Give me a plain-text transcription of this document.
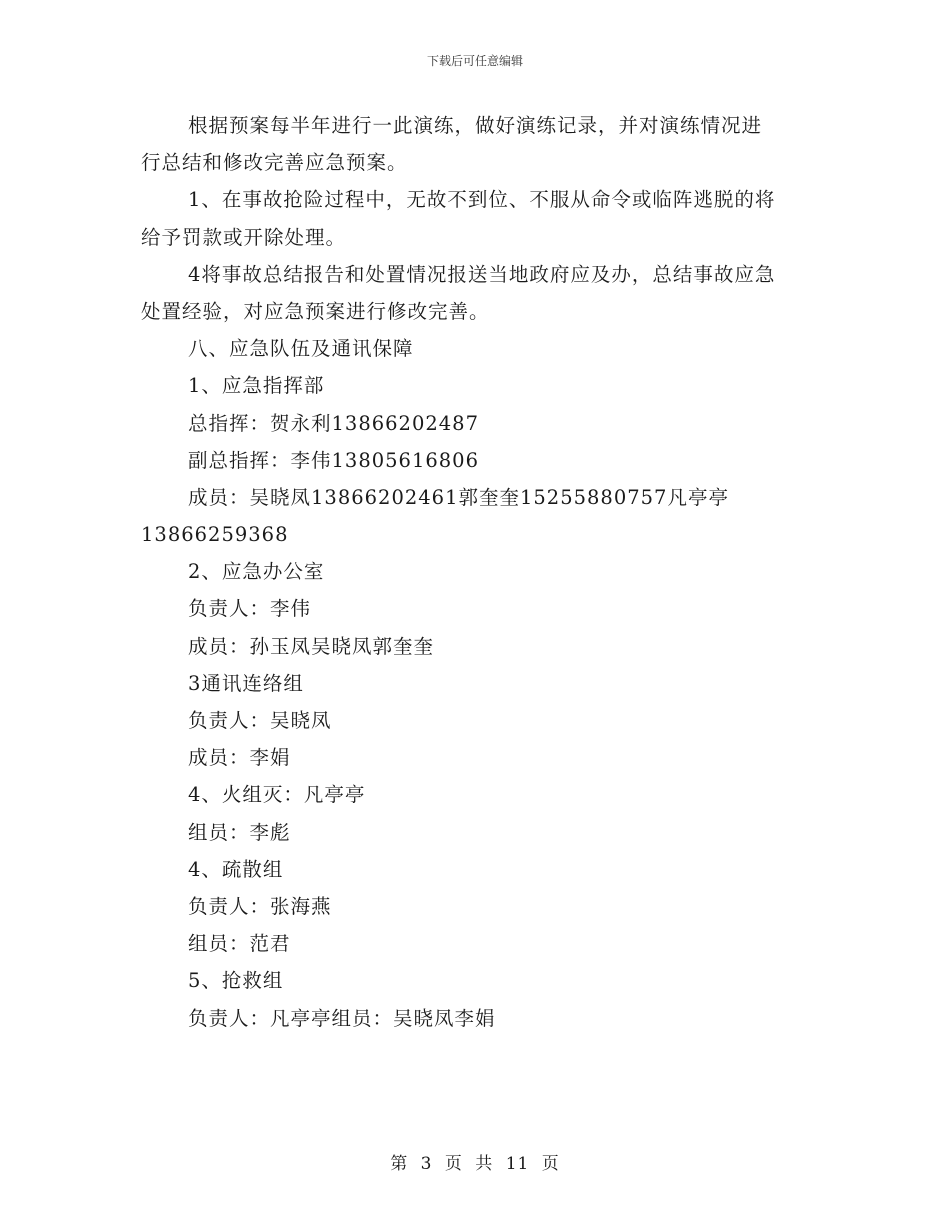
下载后可任意编辑
根据预案每半年进行一此演练，做好演练记录，并对演练情况进
行总结和修改完善应急预案。
1、在事故抢险过程中，无故不到位、不服从命令或临阵逃脱的将
给予罚款或开除处理。
4将事故总结报告和处置情况报送当地政府应及办，总结事故应急
处置经验，对应急预案进行修改完善。
八、应急队伍及通讯保障
1、应急指挥部
总指挥：贺永利13866202487
副总指挥：李伟13805616806
成员：吴晓凤13866202461郭奎奎15255880757凡亭亭
13866259368
2、应急办公室
负责人：李伟
成员：孙玉凤吴晓凤郭奎奎
3通讯连络组
负责人：吴晓凤
成员：李娟
4、火组灭：凡亭亭
组员：李彪
4、疏散组
负责人：张海燕
组员：范君
5、抢救组
负责人：凡亭亭组员：吴晓凤李娟
第 3 页 共 11 页
